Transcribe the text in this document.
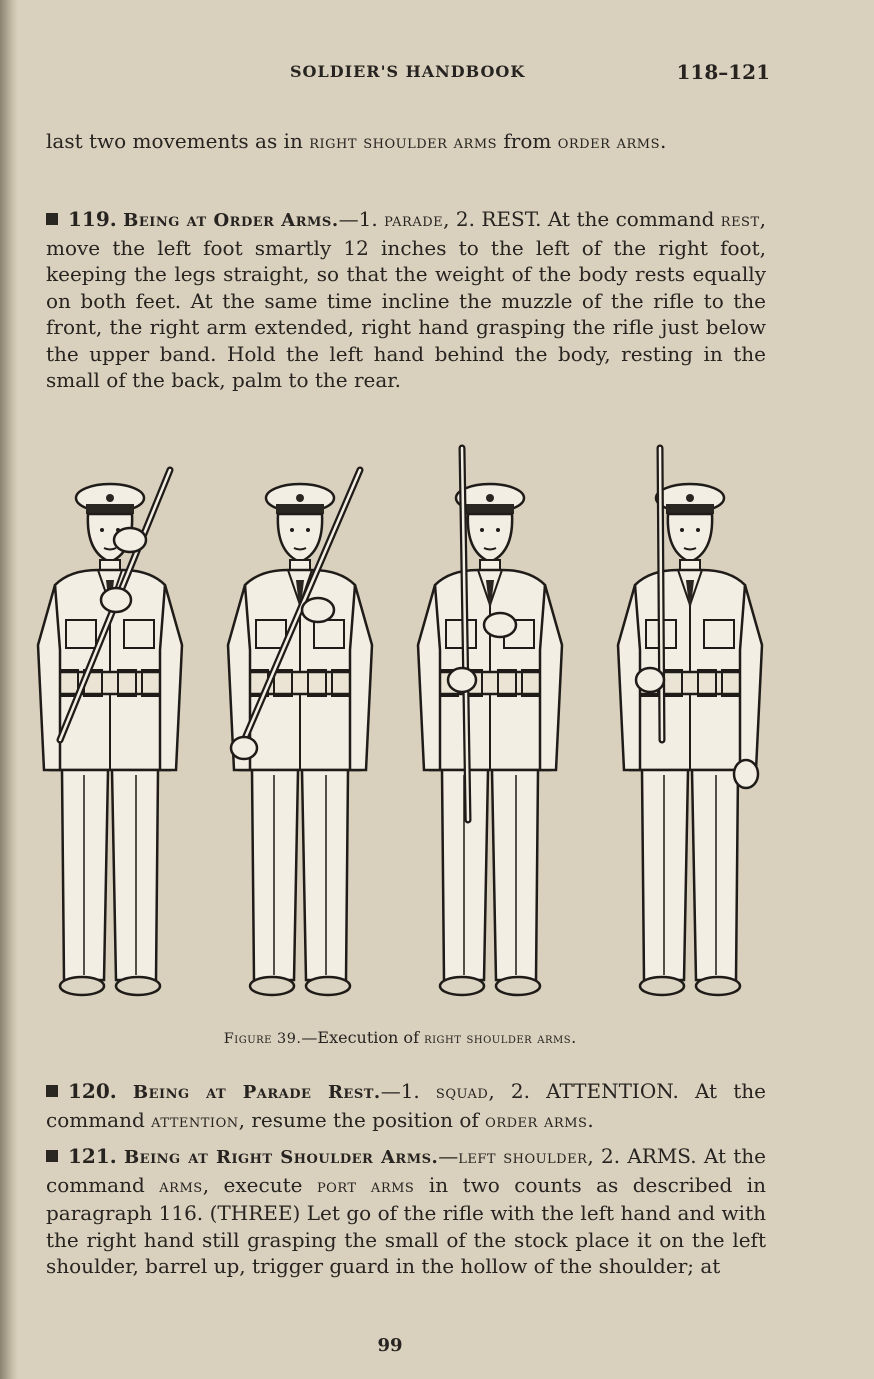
SOLDIER'S HANDBOOK	118–121

last two movements as in right shoulder arms from order arms.

119. Being at Order Arms.—1. parade, 2. REST. At the command rest, move the left foot smartly 12 inches to the left of the right foot, keeping the legs straight, so that the weight of the body rests equally on both feet. At the same time incline the muzzle of the rifle to the front, the right arm extended, right hand grasping the rifle just below the upper band. Hold the left hand behind the body, resting in the small of the back, palm to the rear.

Figure 39.—Execution of right shoulder arms.

120. Being at Parade Rest.—1. squad, 2. ATTENTION. At the command attention, resume the position of order arms.

121. Being at Right Shoulder Arms.—left shoulder, 2. ARMS. At the command arms, execute port arms in two counts as described in paragraph 116. (THREE) Let go of the rifle with the left hand and with the right hand still grasping the small of the stock place it on the left shoulder, barrel up, trigger guard in the hollow of the shoulder; at

99
